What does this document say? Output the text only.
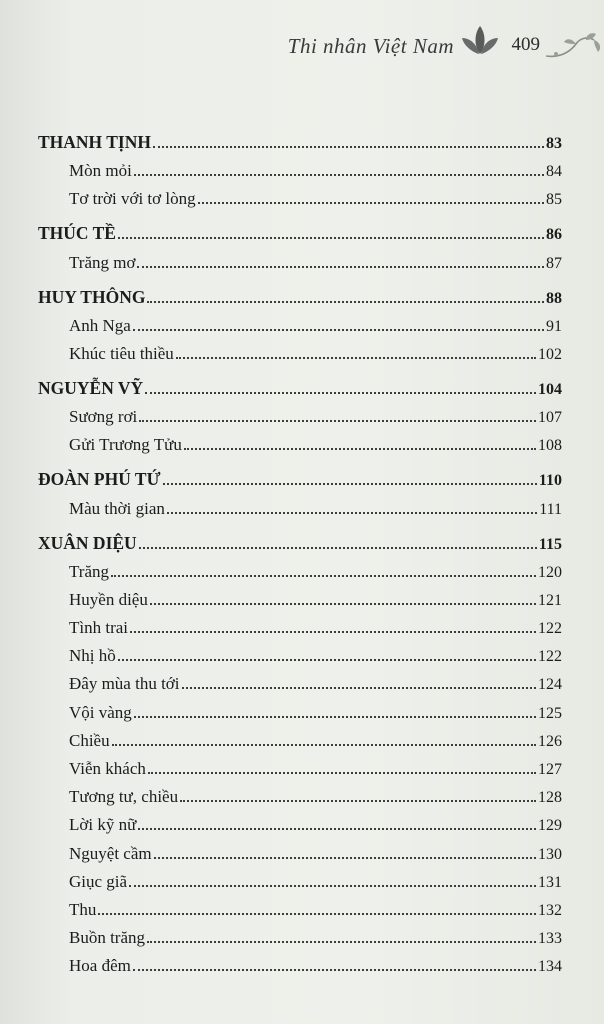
Thi nhân Việt Nam	409
THANH TỊNH	83
Mòn mỏi	84
Tơ trời với tơ lòng	85
THÚC TỀ	86
Trăng mơ	87
HUY THÔNG	88
Anh Nga	91
Khúc tiêu thiều	102
NGUYỄN VỸ	104
Sương rơi	107
Gửi Trương Tửu	108
ĐOÀN PHÚ TỨ	110
Màu thời gian	111
XUÂN DIỆU	115
Trăng	120
Huyền diệu	121
Tình trai	122
Nhị hồ	122
Đây mùa thu tới	124
Vội vàng	125
Chiều	126
Viễn khách	127
Tương tư, chiều	128
Lời kỹ nữ	129
Nguyệt cầm	130
Giục giã	131
Thu	132
Buồn trăng	133
Hoa đêm	134
